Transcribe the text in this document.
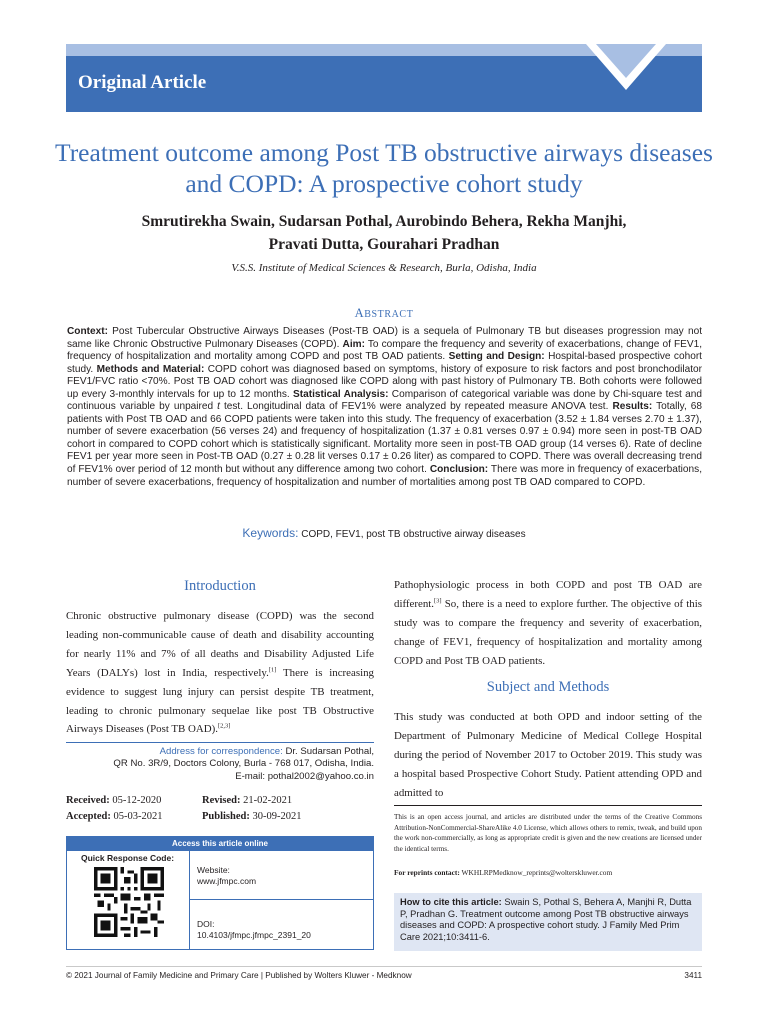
Original Article
Treatment outcome among Post TB obstructive airways diseases and COPD: A prospective cohort study
Smrutirekha Swain, Sudarsan Pothal, Aurobindo Behera, Rekha Manjhi,
Pravati Dutta, Gourahari Pradhan
V.S.S. Institute of Medical Sciences & Research, Burla, Odisha, India
ABSTRACT
Context: Post Tubercular Obstructive Airways Diseases (Post-TB OAD) is a sequela of Pulmonary TB but diseases progression may not same like Chronic Obstructive Pulmonary Diseases (COPD). Aim: To compare the frequency and severity of exacerbations, change of FEV1, frequency of hospitalization and mortality among COPD and post TB OAD patients. Setting and Design: Hospital-based prospective cohort study. Methods and Material: COPD cohort was diagnosed based on symptoms, history of exposure to risk factors and post bronchodilator FEV1/FVC ratio <70%. Post TB OAD cohort was diagnosed like COPD along with past history of Pulmonary TB. Both cohorts were followed up every 3-monthly intervals for up to 12 months. Statistical Analysis: Comparison of categorical variable was done by Chi-square test and continuous variable by unpaired t test. Longitudinal data of FEV1% were analyzed by repeated measure ANOVA test. Results: Totally, 68 patients with Post TB OAD and 66 COPD patients were taken into this study. The frequency of exacerbation (3.52 ± 1.84 verses 2.70 ± 1.37), number of severe exacerbation (56 verses 24) and frequency of hospitalization (1.37 ± 0.81 verses 0.97 ± 0.94) more seen in post-TB OAD cohort in compared to COPD cohort which is statistically significant. Mortality more seen in post-TB OAD group (14 verses 6). Rate of decline FEV1 per year more seen in Post-TB OAD (0.27 ± 0.28 lit verses 0.17 ± 0.26 liter) as compared to COPD. There was overall decreasing trend of FEV1% over period of 12 month but without any difference among two cohort. Conclusion: There was more in frequency of exacerbations, number of severe exacerbations, frequency of hospitalization and number of mortalities among post TB OAD compared to COPD.
Keywords: COPD, FEV1, post TB obstructive airway diseases
Introduction
Chronic obstructive pulmonary disease (COPD) was the second leading non-communicable cause of death and disability accounting for nearly 11% and 7% of all deaths and Disability Adjusted Life Years (DALYs) lost in India, respectively.[1] There is increasing evidence to suggest lung injury can persist despite TB treatment, leading to chronic pulmonary sequelae like post TB Obstructive Airways Diseases (Post TB OAD).[2,3]
Address for correspondence: Dr. Sudarsan Pothal,
QR No. 3R/9, Doctors Colony, Burla - 768 017, Odisha, India.
E-mail: pothal2002@yahoo.co.in
Received: 05-12-2020	Revised: 21-02-2021
Accepted: 05-03-2021	Published: 30-09-2021
Access this article online
Quick Response Code:
Website:
www.jfmpc.com
DOI:
10.4103/jfmpc.jfmpc_2391_20
Pathophysiologic process in both COPD and post TB OAD are different.[3] So, there is a need to explore further. The objective of this study was to compare the frequency and severity of exacerbation, change of FEV1, frequency of hospitalization and mortality among COPD and Post TB OAD patients.
Subject and Methods
This study was conducted at both OPD and indoor setting of the Department of Pulmonary Medicine of Medical College Hospital during the period of November 2017 to October 2019. This study was a hospital based Prospective Cohort Study. Patient attending OPD and admitted to
This is an open access journal, and articles are distributed under the terms of the Creative Commons Attribution-NonCommercial-ShareAlike 4.0 License, which allows others to remix, tweak, and build upon the work non-commercially, as long as appropriate credit is given and the new creations are licensed under the identical terms.
For reprints contact: WKHLRPMedknow_reprints@wolterskluwer.com
How to cite this article: Swain S, Pothal S, Behera A, Manjhi R, Dutta P, Pradhan G. Treatment outcome among Post TB obstructive airways diseases and COPD: A prospective cohort study. J Family Med Prim Care 2021;10:3411-6.
© 2021 Journal of Family Medicine and Primary Care | Published by Wolters Kluwer - Medknow	3411
